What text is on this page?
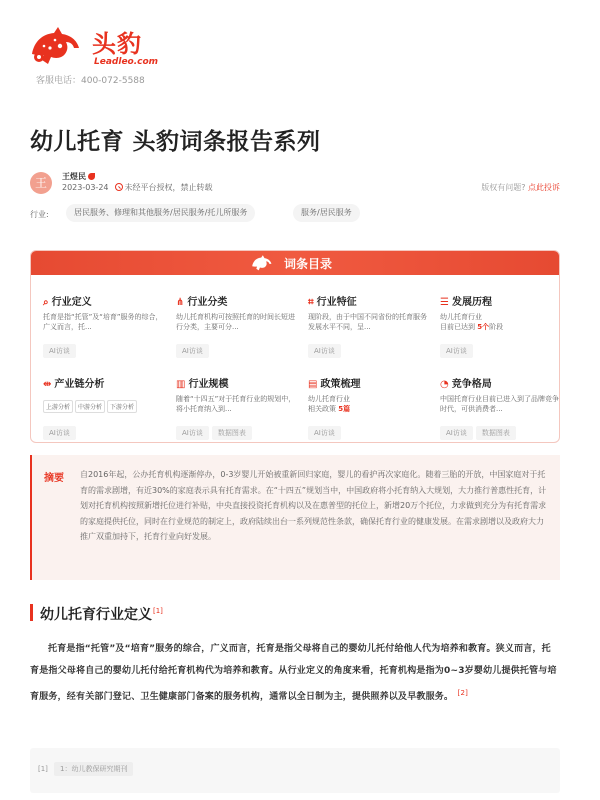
头豹
Leadleo.com
客服电话：400-072-5588
幼儿托育 头豹词条报告系列
王	王煜民
2023-03-24 未经平台授权，禁止转载	版权有问题? 点此投诉
行业:	居民服务、修理和其他服务/居民服务/托儿所服务	服务/居民服务
词条目录
⌕ 行业定义
托育是指“托管”及“培育”服务的综合，广义而言，托...
AI访谈
⋔ 行业分类
幼儿托育机构可按照托育的时间长短进行分类，主要可分...
AI访谈
⌗ 行业特征
现阶段，由于中国不同省份的托育服务发展水平不同，呈...
AI访谈
☰ 发展历程
幼儿托育行业
目前已达到 5个阶段
AI访谈
⇹ 产业链分析
上游分析 中游分析 下游分析
AI访谈
▥ 行业规模
随着“十四五”对于托育行业的规划中，将小托育纳入到...
AI访谈 数据图表
▤ 政策梳理
幼儿托育行业
相关政策 5篇
AI访谈
◔ 竞争格局
中国托育行业目前已进入到了品牌竞争时代，可供消费者...
AI访谈 数据图表
摘要 自2016年起，公办托育机构逐渐停办，0-3岁婴儿开始被重新回归家庭，婴儿的看护再次家庭化。随着三胎的开放，中国家庭对于托育的需求剧增，有近30%的家庭表示具有托育需求。在“十四五”规划当中，中国政府将小托育纳入大规划，大力推行普惠性托育，计划对托育机构按照新增托位进行补贴，中央直接投资托育机构以及在惠普型的托位上，新增20万个托位，力求做到充分为有托育需求的家庭提供托位，同时在行业规范的制定上，政府陆续出台一系列规范性条款，确保托育行业的健康发展。在需求剧增以及政府大力推广双重加持下，托育行业向好发展。
幼儿托育行业定义[1]
托育是指“托管”及“培育”服务的综合，广义而言，托育是指父母将自己的婴幼儿托付给他人代为培养和教育。狭义而言，托育是指父母将自己的婴幼儿托付给托育机构代为培养和教育。从行业定义的角度来看，托育机构是指为0~3岁婴幼儿提供托管与培育服务，经有关部门登记、卫生健康部门备案的服务机构，通常以全日制为主，提供照养以及早教服务。 [2]
[1]	1：幼儿教保研究期刊
